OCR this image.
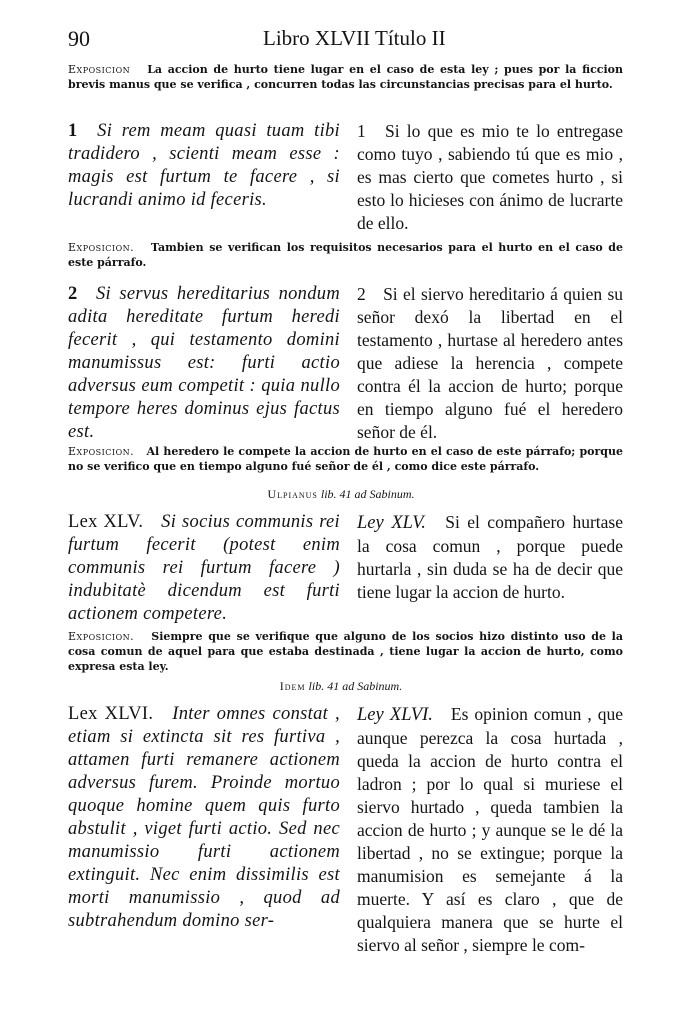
90	Libro XLVII Título II
Exposicion La accion de hurto tiene lugar en el caso de esta ley ; pues por la ficcion brevis manus que se verifica , concurren todas las circunstancias precisas para el hurto.
1 Si rem meam quasi tuam tibi tradidero , scienti meam esse : magis est furtum te facere , si lucrandi animo id feceris.
1 Si lo que es mio te lo entregase como tuyo , sabiendo tú que es mio , es mas cierto que cometes hurto , si esto lo hicieses con ánimo de lucrarte de ello.
Exposicion. Tambien se verifican los requisitos necesarios para el hurto en el caso de este párrafo.
2 Si servus hereditarius nondum adita hereditate furtum heredi fecerit , qui testamento domini manumissus est: furti actio adversus eum competit : quia nullo tempore heres dominus ejus factus est.
2 Si el siervo hereditario á quien su señor dexó la libertad en el testamento , hurtase al heredero antes que adiese la herencia , compete contra él la accion de hurto; porque en tiempo alguno fué el heredero señor de él.
Exposicion. Al heredero le compete la accion de hurto en el caso de este párrafo; porque no se verifico que en tiempo alguno fué señor de él , como dice este párrafo.
Ulpianus lib. 41 ad Sabinum.
Lex XLV. Si socius communis rei furtum fecerit (potest enim communis rei furtum facere ) indubitatè dicendum est furti actionem competere.
Ley XLV. Si el compañero hurtase la cosa comun , porque puede hurtarla , sin duda se ha de decir que tiene lugar la accion de hurto.
Exposicion. Siempre que se verifique que alguno de los socios hizo distinto uso de la cosa comun de aquel para que estaba destinada , tiene lugar la accion de hurto, como expresa esta ley.
Idem lib. 41 ad Sabinum.
Lex XLVI. Inter omnes constat , etiam si extincta sit res furtiva , attamen furti remanere actionem adversus furem. Proinde mortuo quoque homine quem quis furto abstulit , viget furti actio. Sed nec manumissio furti actionem extinguit. Nec enim dissimilis est morti manumissio , quod ad subtrahendum domino ser-
Ley XLVI. Es opinion comun , que aunque perezca la cosa hurtada , queda la accion de hurto contra el ladron ; por lo qual si muriese el siervo hurtado , queda tambien la accion de hurto ; y aunque se le dé la libertad , no se extingue; porque la manumision es semejante á la muerte. Y así es claro , que de qualquiera manera que se hurte el siervo al señor , siempre le com-
